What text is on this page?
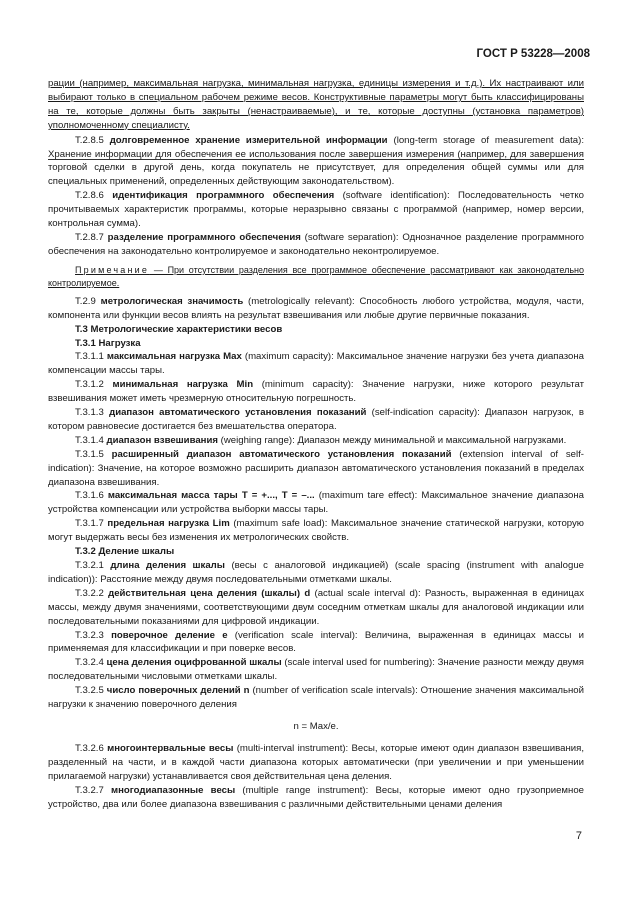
ГОСТ Р 53228—2008

рации (например, максимальная нагрузка, минимальная нагрузка, единицы измерения и т.д.). Их настраивают или выбирают только в специальном рабочем режиме весов. Конструктивные параметры могут быть классифицированы на те, которые должны быть закрыты (ненастраиваемые), и те, которые доступны (установка параметров) уполномоченному специалисту.

T.2.8.5 долговременное хранение измерительной информации (long-term storage of measurement data): Хранение информации для обеспечения ее использования после завершения измерения (например, для завершения торговой сделки в другой день, когда покупатель не присутствует, для определения общей суммы или для специальных применений, определенных действующим законодательством).

T.2.8.6 идентификация программного обеспечения (software identification): Последовательность четко прочитываемых характеристик программы, которые неразрывно связаны с программой (например, номер версии, контрольная сумма).

T.2.8.7 разделение программного обеспечения (software separation): Однозначное разделение программного обеспечения на законодательно контролируемое и законодательно неконтролируемое.

Примечание — При отсутствии разделения все программное обеспечение рассматривают как законодательно контролируемое.

T.2.9 метрологическая значимость (metrologically relevant): Способность любого устройства, модуля, части, компонента или функции весов влиять на результат взвешивания или любые другие первичные показания.

T.3 Метрологические характеристики весов

T.3.1 Нагрузка

T.3.1.1 максимальная нагрузка Max (maximum capacity): Максимальное значение нагрузки без учета диапазона компенсации массы тары.

T.3.1.2 минимальная нагрузка Min (minimum capacity): Значение нагрузки, ниже которого результат взвешивания может иметь чрезмерную относительную погрешность.

T.3.1.3 диапазон автоматического установления показаний (self-indication capacity): Диапазон нагрузок, в котором равновесие достигается без вмешательства оператора.

T.3.1.4 диапазон взвешивания (weighing range): Диапазон между минимальной и максимальной нагрузками.

T.3.1.5 расширенный диапазон автоматического установления показаний (extension interval of self-indication): Значение, на которое возможно расширить диапазон автоматического установления показаний в пределах диапазона взвешивания.

T.3.1.6 максимальная масса тары T = +..., T = –... (maximum tare effect): Максимальное значение диапазона устройства компенсации или устройства выборки массы тары.

T.3.1.7 предельная нагрузка Lim (maximum safe load): Максимальное значение статической нагрузки, которую могут выдержать весы без изменения их метрологических свойств.

T.3.2 Деление шкалы

T.3.2.1 длина деления шкалы (весы с аналоговой индикацией) (scale spacing (instrument with analogue indication)): Расстояние между двумя последовательными отметками шкалы.

T.3.2.2 действительная цена деления (шкалы) d (actual scale interval d): Разность, выраженная в единицах массы, между двумя значениями, соответствующими двум соседним отметкам шкалы для аналоговой индикации или последовательными показаниями для цифровой индикации.

T.3.2.3 поверочное деление e (verification scale interval): Величина, выраженная в единицах массы и применяемая для классификации и при поверке весов.

T.3.2.4 цена деления оцифрованной шкалы (scale interval used for numbering): Значение разности между двумя последовательными числовыми отметками шкалы.

T.3.2.5 число поверочных делений n (number of verification scale intervals): Отношение значения максимальной нагрузки к значению поверочного деления

n = Max/e.

T.3.2.6 многоинтервальные весы (multi-interval instrument): Весы, которые имеют один диапазон взвешивания, разделенный на части, и в каждой части диапазона которых автоматически (при увеличении и при уменьшении прилагаемой нагрузки) устанавливается своя действительная цена деления.

T.3.2.7 многодиапазонные весы (multiple range instrument): Весы, которые имеют одно грузоприемное устройство, два или более диапазона взвешивания с различными действительными ценами деления

7
